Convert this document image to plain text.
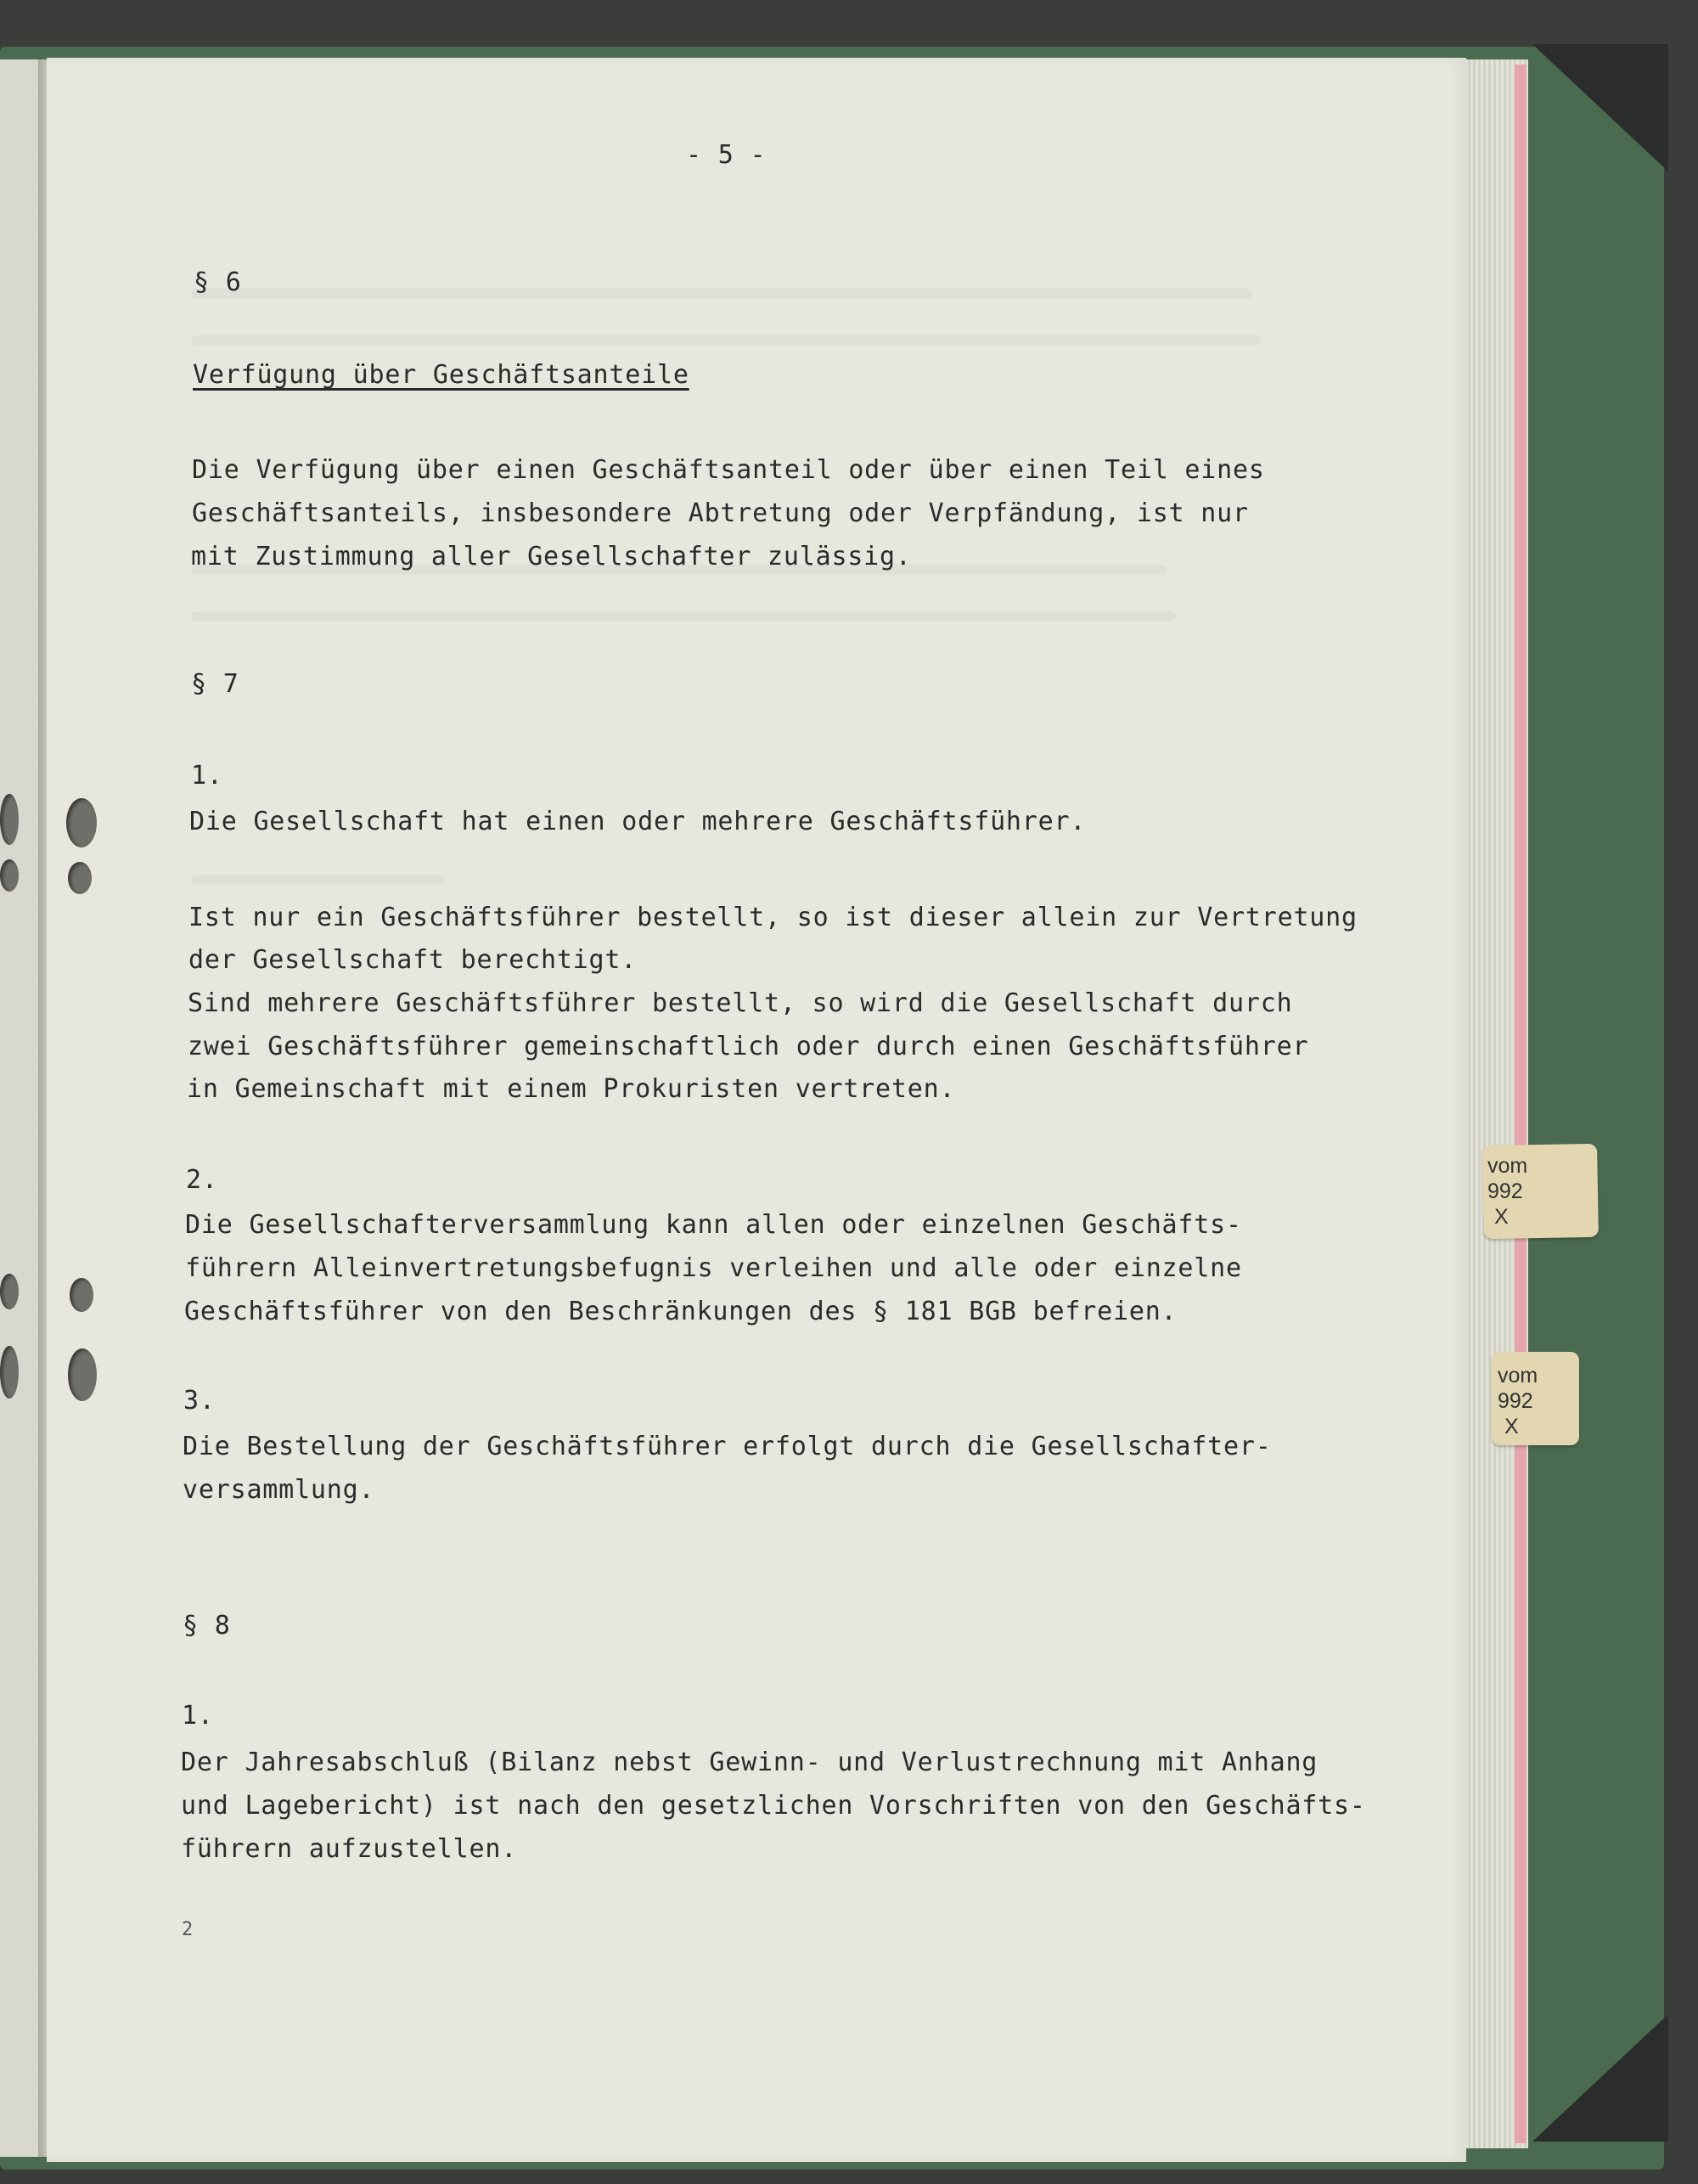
- 5 -
§ 6
Verfügung über Geschäftsanteile
Die Verfügung über einen Geschäftsanteil oder über einen Teil eines
Geschäftsanteils, insbesondere Abtretung oder Verpfändung, ist nur
mit Zustimmung aller Gesellschafter zulässig.
§ 7
1.
Die Gesellschaft hat einen oder mehrere Geschäftsführer.
Ist nur ein Geschäftsführer bestellt, so ist dieser allein zur Vertretung
der Gesellschaft berechtigt.
Sind mehrere Geschäftsführer bestellt, so wird die Gesellschaft durch
zwei Geschäftsführer gemeinschaftlich oder durch einen Geschäftsführer
in Gemeinschaft mit einem Prokuristen vertreten.
2.
Die Gesellschafterversammlung kann allen oder einzelnen Geschäfts-
führern Alleinvertretungsbefugnis verleihen und alle oder einzelne
Geschäftsführer von den Beschränkungen des § 181 BGB befreien.
3.
Die Bestellung der Geschäftsführer erfolgt durch die Gesellschafter-
versammlung.
§ 8
1.
Der Jahresabschluß (Bilanz nebst Gewinn- und Verlustrechnung mit Anhang
und Lagebericht) ist nach den gesetzlichen Vorschriften von den Geschäfts-
führern aufzustellen.
2
vom
992
X
vom
992
X
